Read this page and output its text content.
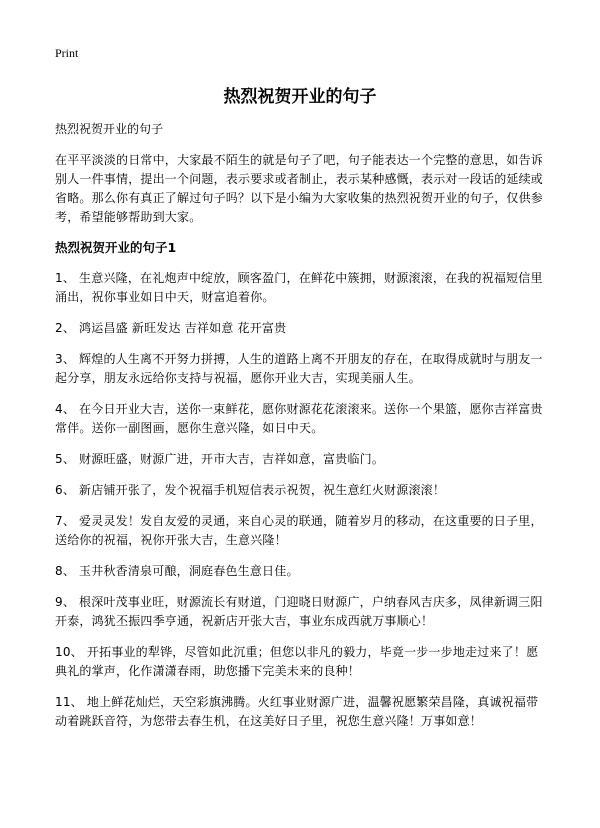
Print
热烈祝贺开业的句子

热烈祝贺开业的句子

在平平淡淡的日常中，大家最不陌生的就是句子了吧，句子能表达一个完整的意思，如告诉别人一件事情，提出一个问题，表示要求或者制止，表示某种感慨，表示对一段话的延续或省略。那么你有真正了解过句子吗？以下是小编为大家收集的热烈祝贺开业的句子，仅供参考，希望能够帮助到大家。

热烈祝贺开业的句子1

1、 生意兴隆，在礼炮声中绽放，顾客盈门，在鲜花中簇拥，财源滚滚，在我的祝福短信里涌出，祝你事业如日中天，财富追着你。

2、 鸿运昌盛 新旺发达 吉祥如意 花开富贵

3、 辉煌的人生离不开努力拼搏，人生的道路上离不开朋友的存在，在取得成就时与朋友一起分享，朋友永远给你支持与祝福，愿你开业大吉，实现美丽人生。

4、 在今日开业大吉，送你一束鲜花，愿你财源花花滚滚来。送你一个果篮，愿你吉祥富贵常伴。送你一副图画，愿你生意兴隆，如日中天。

5、 财源旺盛，财源广进，开市大吉，吉祥如意，富贵临门。

6、 新店铺开张了，发个祝福手机短信表示祝贺，祝生意红火财源滚滚！

7、 爱灵灵发！发自友爱的灵通，来自心灵的联通，随着岁月的移动，在这重要的日子里，送给你的祝福，祝你开张大吉，生意兴隆！

8、 玉井秋香清泉可酿，洞庭春色生意日佳。

9、 根深叶茂事业旺，财源流长有财道，门迎晓日财源广，户纳春风吉庆多，凤律新调三阳开泰，鸿犹丕振四季亨通，祝新店开张大吉，事业东成西就万事顺心！

10、 开拓事业的犁铧，尽管如此沉重；但您以非凡的毅力，毕竟一步一步地走过来了！愿典礼的掌声，化作潇潇春雨，助您播下完美未来的良种！

11、 地上鲜花灿烂，天空彩旗沸腾。火红事业财源广进，温馨祝愿繁荣昌隆，真诚祝福带动着跳跃音符，为您带去春生机，在这美好日子里，祝您生意兴隆！万事如意！
